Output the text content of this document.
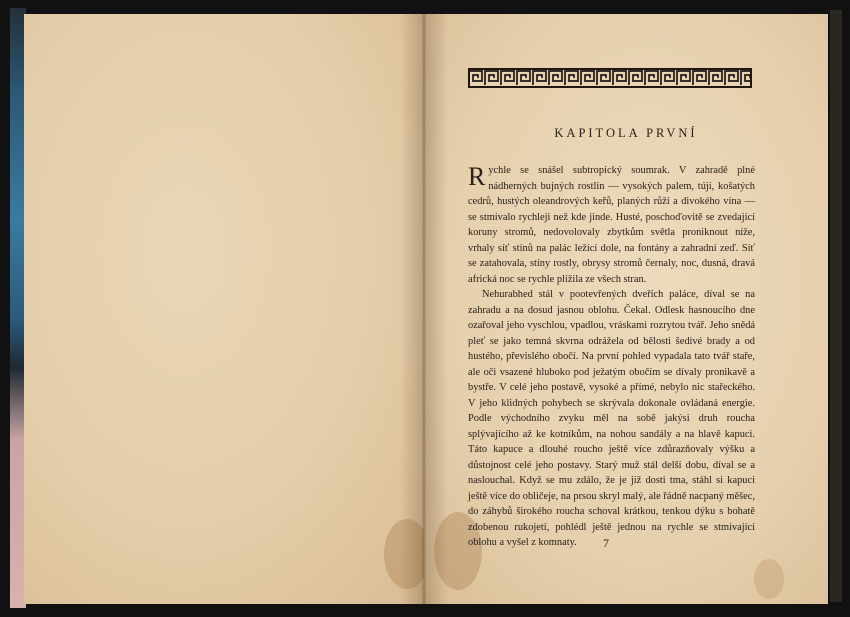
KAPITOLA PRVNÍ

Rychle se snášel subtropický soumrak. V zahradě plné nádherných bujných rostlin — vysokých palem, tújí, košatých cedrů, hustých oleandrových keřů, planých růží a divokého vína — se stmívalo rychleji než kde jinde. Husté, poschoďovitě se zvedající koruny stromů, nedovolovaly zbytkům světla proniknout níže, vrhaly síť stínů na palác ležící dole, na fontány a zahradní zeď. Síť se zatahovala, stíny rostly, obrysy stromů černaly, noc, dusná, dravá africká noc se rychle plížila ze všech stran.

Nehurabhed stál v pootevřených dveřích paláce, díval se na zahradu a na dosud jasnou oblohu. Čekal. Odlesk hasnoucího dne ozařoval jeho vyschlou, vpadlou, vráskami rozrytou tvář. Jeho snědá pleť se jako temná skvrna odrážela od bělosti šedivé brady a od hustého, převislého obočí. Na první pohled vypadala tato tvář staře, ale oči vsazené hluboko pod ježatým obočím se dívaly pronikavě a bystře. V celé jeho postavě, vysoké a přímé, nebylo nic stařeckého. V jeho klidných pohybech se skrývala dokonale ovládaná energie. Podle východního zvyku měl na sobě jakýsi druh roucha splývajícího až ke kotníkům, na nohou sandály a na hlavě kapuci. Táto kapuce a dlouhé roucho ještě více zdůrazňovaly výšku a důstojnost celé jeho postavy. Starý muž stál delší dobu, díval se a naslouchal. Když se mu zdálo, že je již dosti tma, stáhl si kapuci ještě více do obličeje, na prsou skryl malý, ale řádně nacpaný měšec, do záhybů širokého roucha schoval krátkou, tenkou dýku s bohatě zdobenou rukojetí, pohlédl ještě jednou na rychle se stmívající oblohu a vyšel z komnaty.	7
